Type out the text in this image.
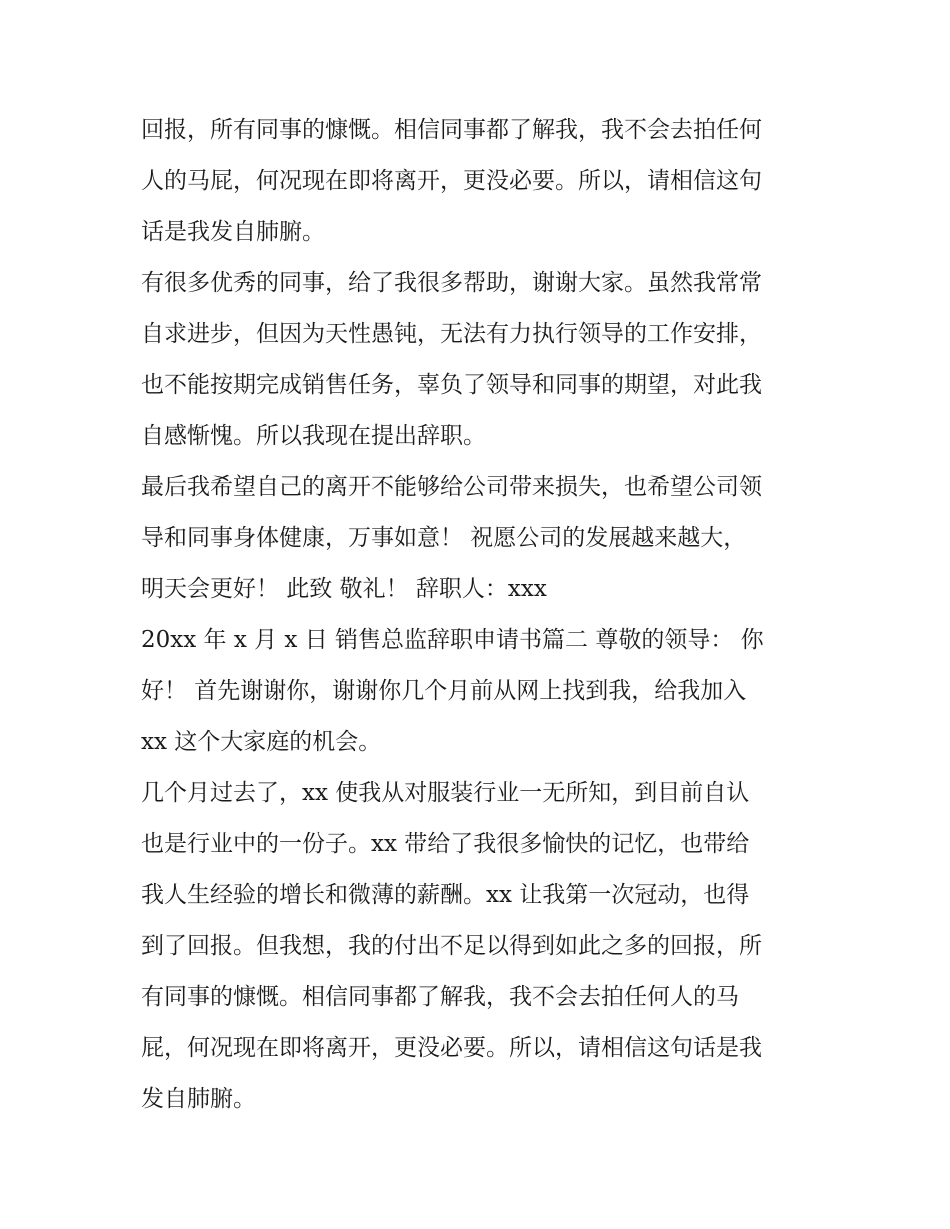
回报，所有同事的慷慨。相信同事都了解我，我不会去拍任何
人的马屁，何况现在即将离开，更没必要。所以，请相信这句
话是我发自肺腑。
有很多优秀的同事，给了我很多帮助，谢谢大家。虽然我常常
自求进步，但因为天性愚钝，无法有力执行领导的工作安排，
也不能按期完成销售任务，辜负了领导和同事的期望，对此我
自感惭愧。所以我现在提出辞职。
最后我希望自己的离开不能够给公司带来损失，也希望公司领
导和同事身体健康，万事如意！ 祝愿公司的发展越来越大，
明天会更好！ 此致 敬礼！ 辞职人：xxx
20xx 年 x 月 x 日 销售总监辞职申请书篇二 尊敬的领导： 你
好！ 首先谢谢你，谢谢你几个月前从网上找到我，给我加入
xx 这个大家庭的机会。
几个月过去了，xx 使我从对服装行业一无所知，到目前自认
也是行业中的一份子。xx 带给了我很多愉快的记忆，也带给
我人生经验的增长和微薄的薪酬。xx 让我第一次冠动，也得
到了回报。但我想，我的付出不足以得到如此之多的回报，所
有同事的慷慨。相信同事都了解我，我不会去拍任何人的马
屁，何况现在即将离开，更没必要。所以，请相信这句话是我
发自肺腑。
